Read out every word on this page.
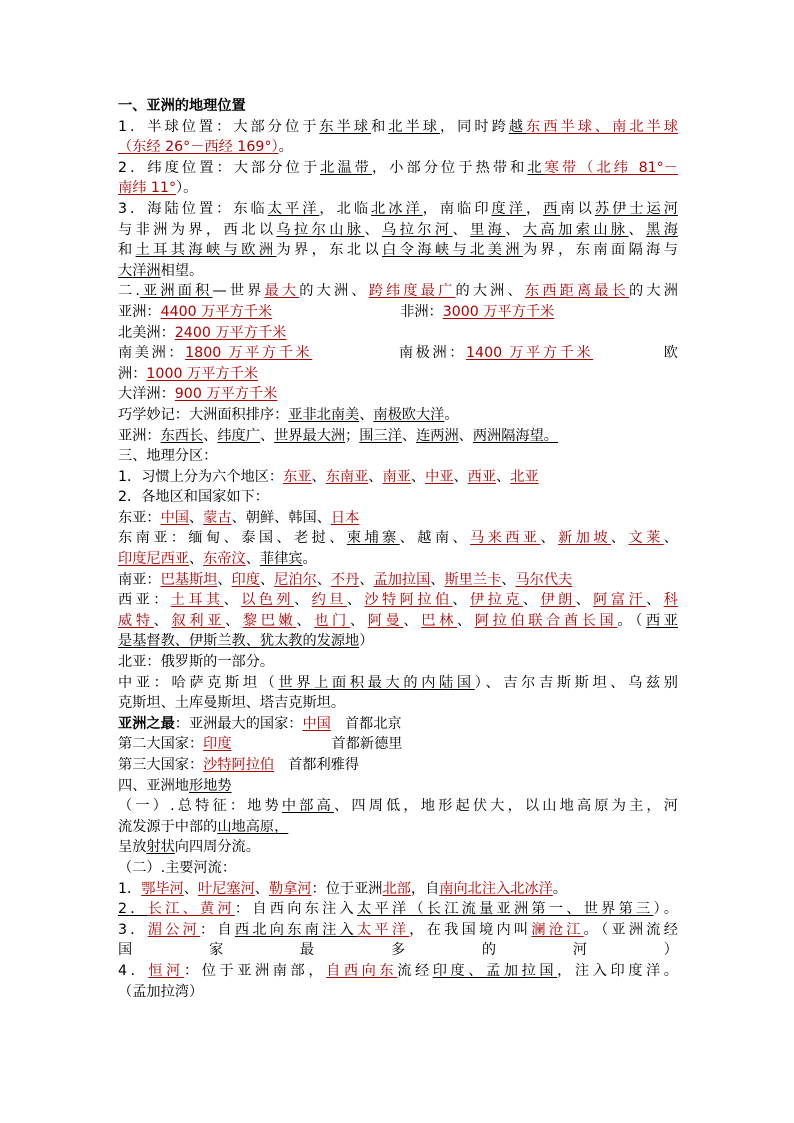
一、亚洲的地理位置
1．半球位置：大部分位于东半球和北半球，同时跨越东西半球、南北半球
（东经 26°－西经 169°）。
2．纬度位置：大部分位于北温带，小部分位于热带和北寒带（北纬 81°－
南纬 11°）。
3．海陆位置：东临太平洋，北临北冰洋，南临印度洋，西南以苏伊士运河
与非洲为界，西北以乌拉尔山脉、乌拉尔河、里海、大高加索山脉、黑海
和土耳其海峡与欧洲为界，东北以白令海峡与北美洲为界，东南面隔海与
大洋洲相望。
二.亚洲面积—世界最大的大洲、跨纬度最广的大洲、东西距离最长的大洲
亚洲：4400 万平方千米	非洲：3000 万平方千米
北美洲：2400 万平方千米
南美洲：1800 万平方千米	南极洲：1400 万平方千米	欧
洲：1000 万平方千米
大洋洲：900 万平方千米
巧学妙记：大洲面积排序：亚非北南美、南极欧大洋。
亚洲：东西长、纬度广、世界最大洲；围三洋、连两洲、两洲隔海望。
三、地理分区：
1．习惯上分为六个地区：东亚、东南亚、南亚、中亚、西亚、北亚
2．各地区和国家如下：
东亚：中国、蒙古、朝鲜、韩国、日本
东南亚：缅甸、泰国、老挝、柬埔寨、越南、马来西亚、新加坡、文莱、
印度尼西亚、东帝汶、菲律宾。
南亚：巴基斯坦、印度、尼泊尔、不丹、孟加拉国、斯里兰卡、马尔代夫
西亚：土耳其、以色列、约旦、沙特阿拉伯、伊拉克、伊朗、阿富汗、科
威特、叙利亚、黎巴嫩、也门、阿曼、巴林、阿拉伯联合酋长国。（西亚
是基督教、伊斯兰教、犹太教的发源地）
北亚：俄罗斯的一部分。
中亚：哈萨克斯坦（世界上面积最大的内陆国）、吉尔吉斯斯坦、乌兹别
克斯坦、土库曼斯坦、塔吉克斯坦。
亚洲之最：亚洲最大的国家：中国 首都北京
第二大国家：印度	首都新德里
第三大国家：沙特阿拉伯 首都利雅得
四、亚洲地形地势
（一）.总特征：地势中部高、四周低，地形起伏大，以山地高原为主，河
流发源于中部的山地高原，
呈放射状向四周分流。
（二）.主要河流：
1．鄂毕河、叶尼塞河、勒拿河：位于亚洲北部，自南向北注入北冰洋。
2．长江、黄河：自西向东注入太平洋（长江流量亚洲第一、世界第三）。
3．湄公河：自西北向东南注入太平洋，在我国境内叫澜沧江。（亚洲流经
国家最多的河）
4．恒河：位于亚洲南部，自西向东流经印度、孟加拉国，注入印度洋。
（孟加拉湾）
